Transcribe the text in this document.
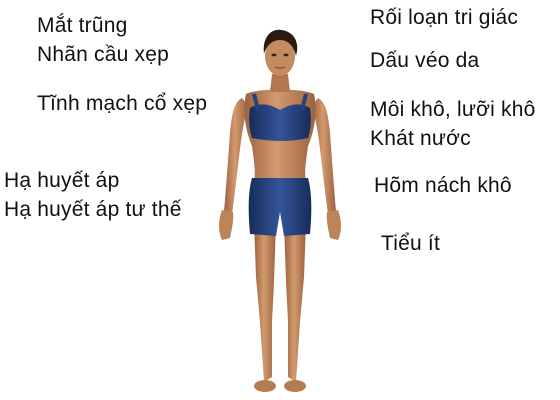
Mắt trũng
Nhãn cầu xẹp
Tĩnh mạch cổ xẹp
Hạ huyết áp
Hạ huyết áp tư thế
Rối loạn tri giác
Dấu véo da
Môi khô, lưỡi khô
Khát nước
Hõm nách khô
Tiểu ít
